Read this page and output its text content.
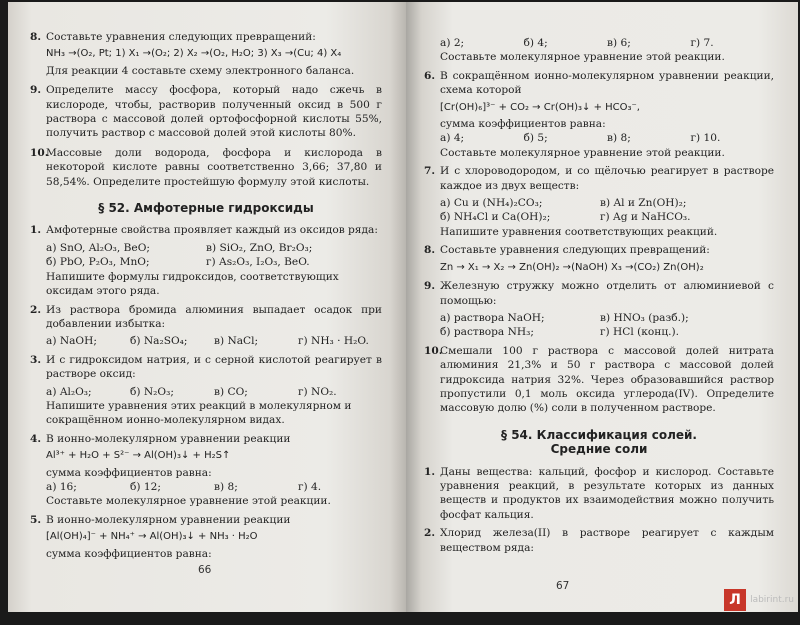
8. Составьте уравнения следующих превращений:
NH₃ →(O₂, Pt; 1) X₁ →(O₂; 2) X₂ →(O₂, H₂O; 3) X₃ →(Cu; 4) X₄
Для реакции 4 составьте схему электронного баланса.
9. Определите массу фосфора, который надо сжечь в кислороде, чтобы, растворив полученный оксид в 500 г раствора с массовой долей ортофосфорной кислоты 55%, получить раствор с массовой долей этой кислоты 80%.
10.
Массовые доли водорода, фосфора и кислорода в некоторой кислоте равны соответственно 3,66; 37,80 и 58,54%. Определите простейшую формулу этой кислоты.
§ 52. Амфотерные гидроксиды
1. Амфотерные свойства проявляет каждый из оксидов ряда:
а) SnO, Al₂O₃, BeO;	в) SiO₂, ZnO, Br₂O₃;
б) PbO, P₂O₃, MnO;	г) As₂O₃, I₂O₃, BeO.
Напишите формулы гидроксидов, соответствующих оксидам этого ряда.
2. Из раствора бромида алюминия выпадает осадок при добавлении избытка:
а) NaOH;	б) Na₂SO₄;	в) NaCl;	г) NH₃ · H₂O.
3. И с гидроксидом натрия, и с серной кислотой реагирует в растворе оксид:
а) Al₂O₃;	б) N₂O₃;	в) CO;	г) NO₂.
Напишите уравнения этих реакций в молекулярном и сокращённом ионно-молекулярном видах.
4. В ионно-молекулярном уравнении реакции
Al³⁺ + H₂O + S²⁻ → Al(OH)₃↓ + H₂S↑
сумма коэффициентов равна:
а) 16;	б) 12;	в) 8;	г) 4.
Составьте молекулярное уравнение этой реакции.
5. В ионно-молекулярном уравнении реакции
[Al(OH)₄]⁻ + NH₄⁺ → Al(OH)₃↓ + NH₃ · H₂O
сумма коэффициентов равна:
66
а) 2;	б) 4;	в) 6;	г) 7.
Составьте молекулярное уравнение этой реакции.
6. В сокращённом ионно-молекулярном уравнении реакции, схема которой
[Cr(OH)₆]³⁻ + CO₂ → Cr(OH)₃↓ + HCO₃⁻,
сумма коэффициентов равна:
а) 4;	б) 5;	в) 8;	г) 10.
Составьте молекулярное уравнение этой реакции.
7. И с хлороводородом, и со щёлочью реагирует в растворе каждое из двух веществ:
а) Cu и (NH₄)₂CO₃;	в) Al и Zn(OH)₂;
б) NH₄Cl и Ca(OH)₂;	г) Ag и NaHCO₃.
Напишите уравнения соответствующих реакций.
8. Составьте уравнения следующих превращений:
Zn → X₁ → X₂ → Zn(OH)₂ →(NaOH) X₃ →(CO₂) Zn(OH)₂
9. Железную стружку можно отделить от алюминиевой с помощью:
а) раствора NaOH;	в) HNO₃ (разб.);
б) раствора NH₃;	г) HCl (конц.).
10.
Смешали 100 г раствора с массовой долей нитрата алюминия 21,3% и 50 г раствора с массовой долей гидроксида натрия 32%. Через образовавшийся раствор пропустили 0,1 моль оксида углерода(IV). Определите массовую долю (%) соли в полученном растворе.
§ 54. Классификация солей.
Средние соли
1. Даны вещества: кальций, фосфор и кислород. Составьте уравнения реакций, в результате которых из данных веществ и продуктов их взаимодействия можно получить фосфат кальция.
2. Хлорид железа(II) в растворе реагирует с каждым веществом ряда:
67
Л	labirint.ru
